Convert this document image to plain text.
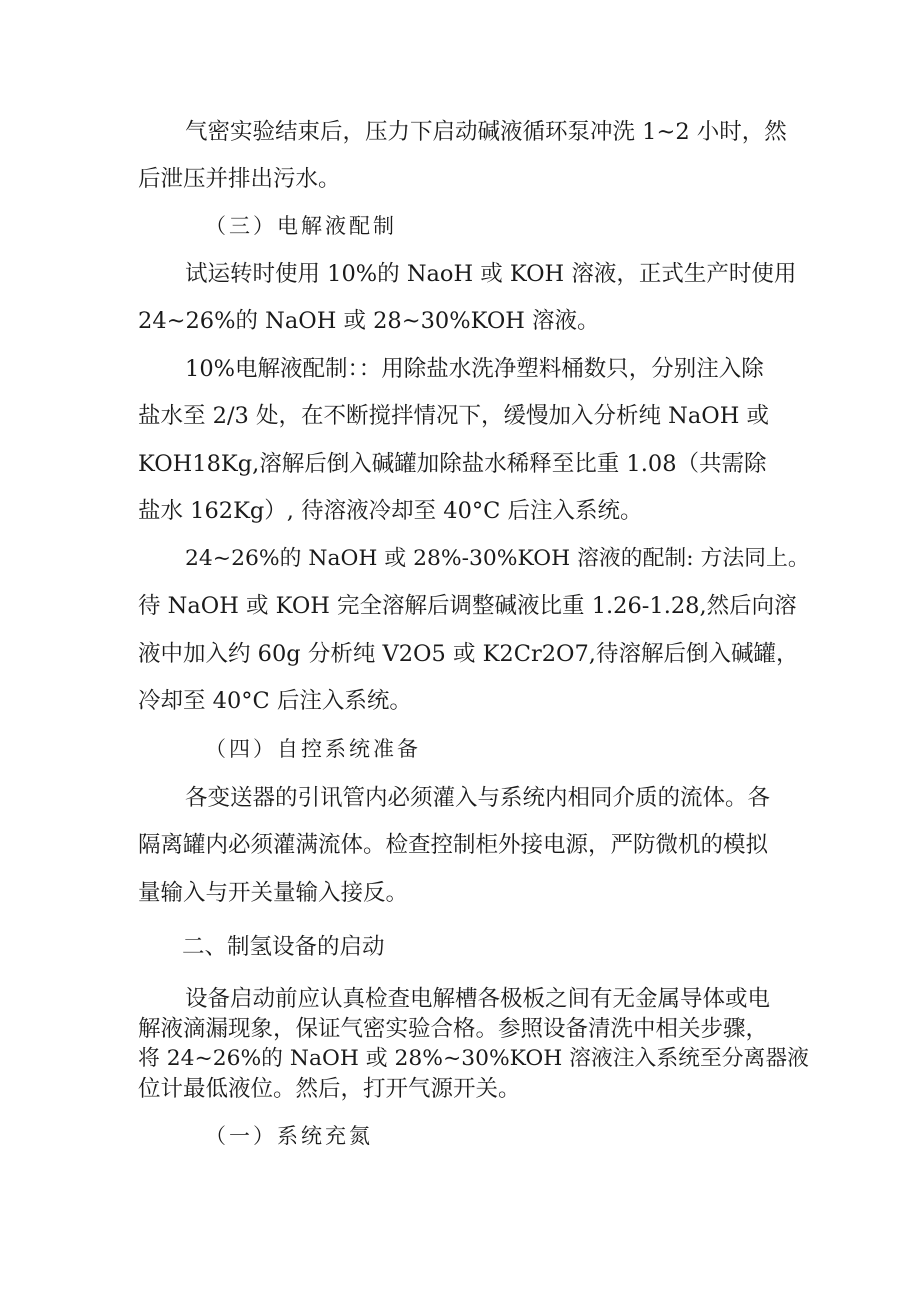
气密实验结束后，压力下启动碱液循环泵冲洗 1~2 小时，然
后泄压并排出污水。
（三）电解液配制
试运转时使用 10%的 NaoH 或 KOH 溶液，正式生产时使用
24~26%的 NaOH 或 28~30%KOH 溶液。
10%电解液配制：：用除盐水洗净塑料桶数只，分别注入除
盐水至 2/3 处，在不断搅拌情况下，缓慢加入分析纯 NaOH 或
KOH18Kg,溶解后倒入碱罐加除盐水稀释至比重 1.08（共需除
盐水 162Kg）, 待溶液冷却至 40°C 后注入系统。
24~26%的 NaOH 或 28%-30%KOH 溶液的配制: 方法同上。
待 NaOH 或 KOH 完全溶解后调整碱液比重 1.26-1.28,然后向溶
液中加入约 60g 分析纯 V2O5 或 K2Cr2O7,待溶解后倒入碱罐，
冷却至 40°C 后注入系统。
（四）自控系统准备
各变送器的引讯管内必须灌入与系统内相同介质的流体。各
隔离罐内必须灌满流体。检查控制柜外接电源，严防微机的模拟
量输入与开关量输入接反。
二、制氢设备的启动
设备启动前应认真检查电解槽各极板之间有无金属导体或电
解液滴漏现象，保证气密实验合格。参照设备清洗中相关步骤，
将 24~26%的 NaOH 或 28%~30%KOH 溶液注入系统至分离器液
位计最低液位。然后，打开气源开关。
（一）系统充氮
